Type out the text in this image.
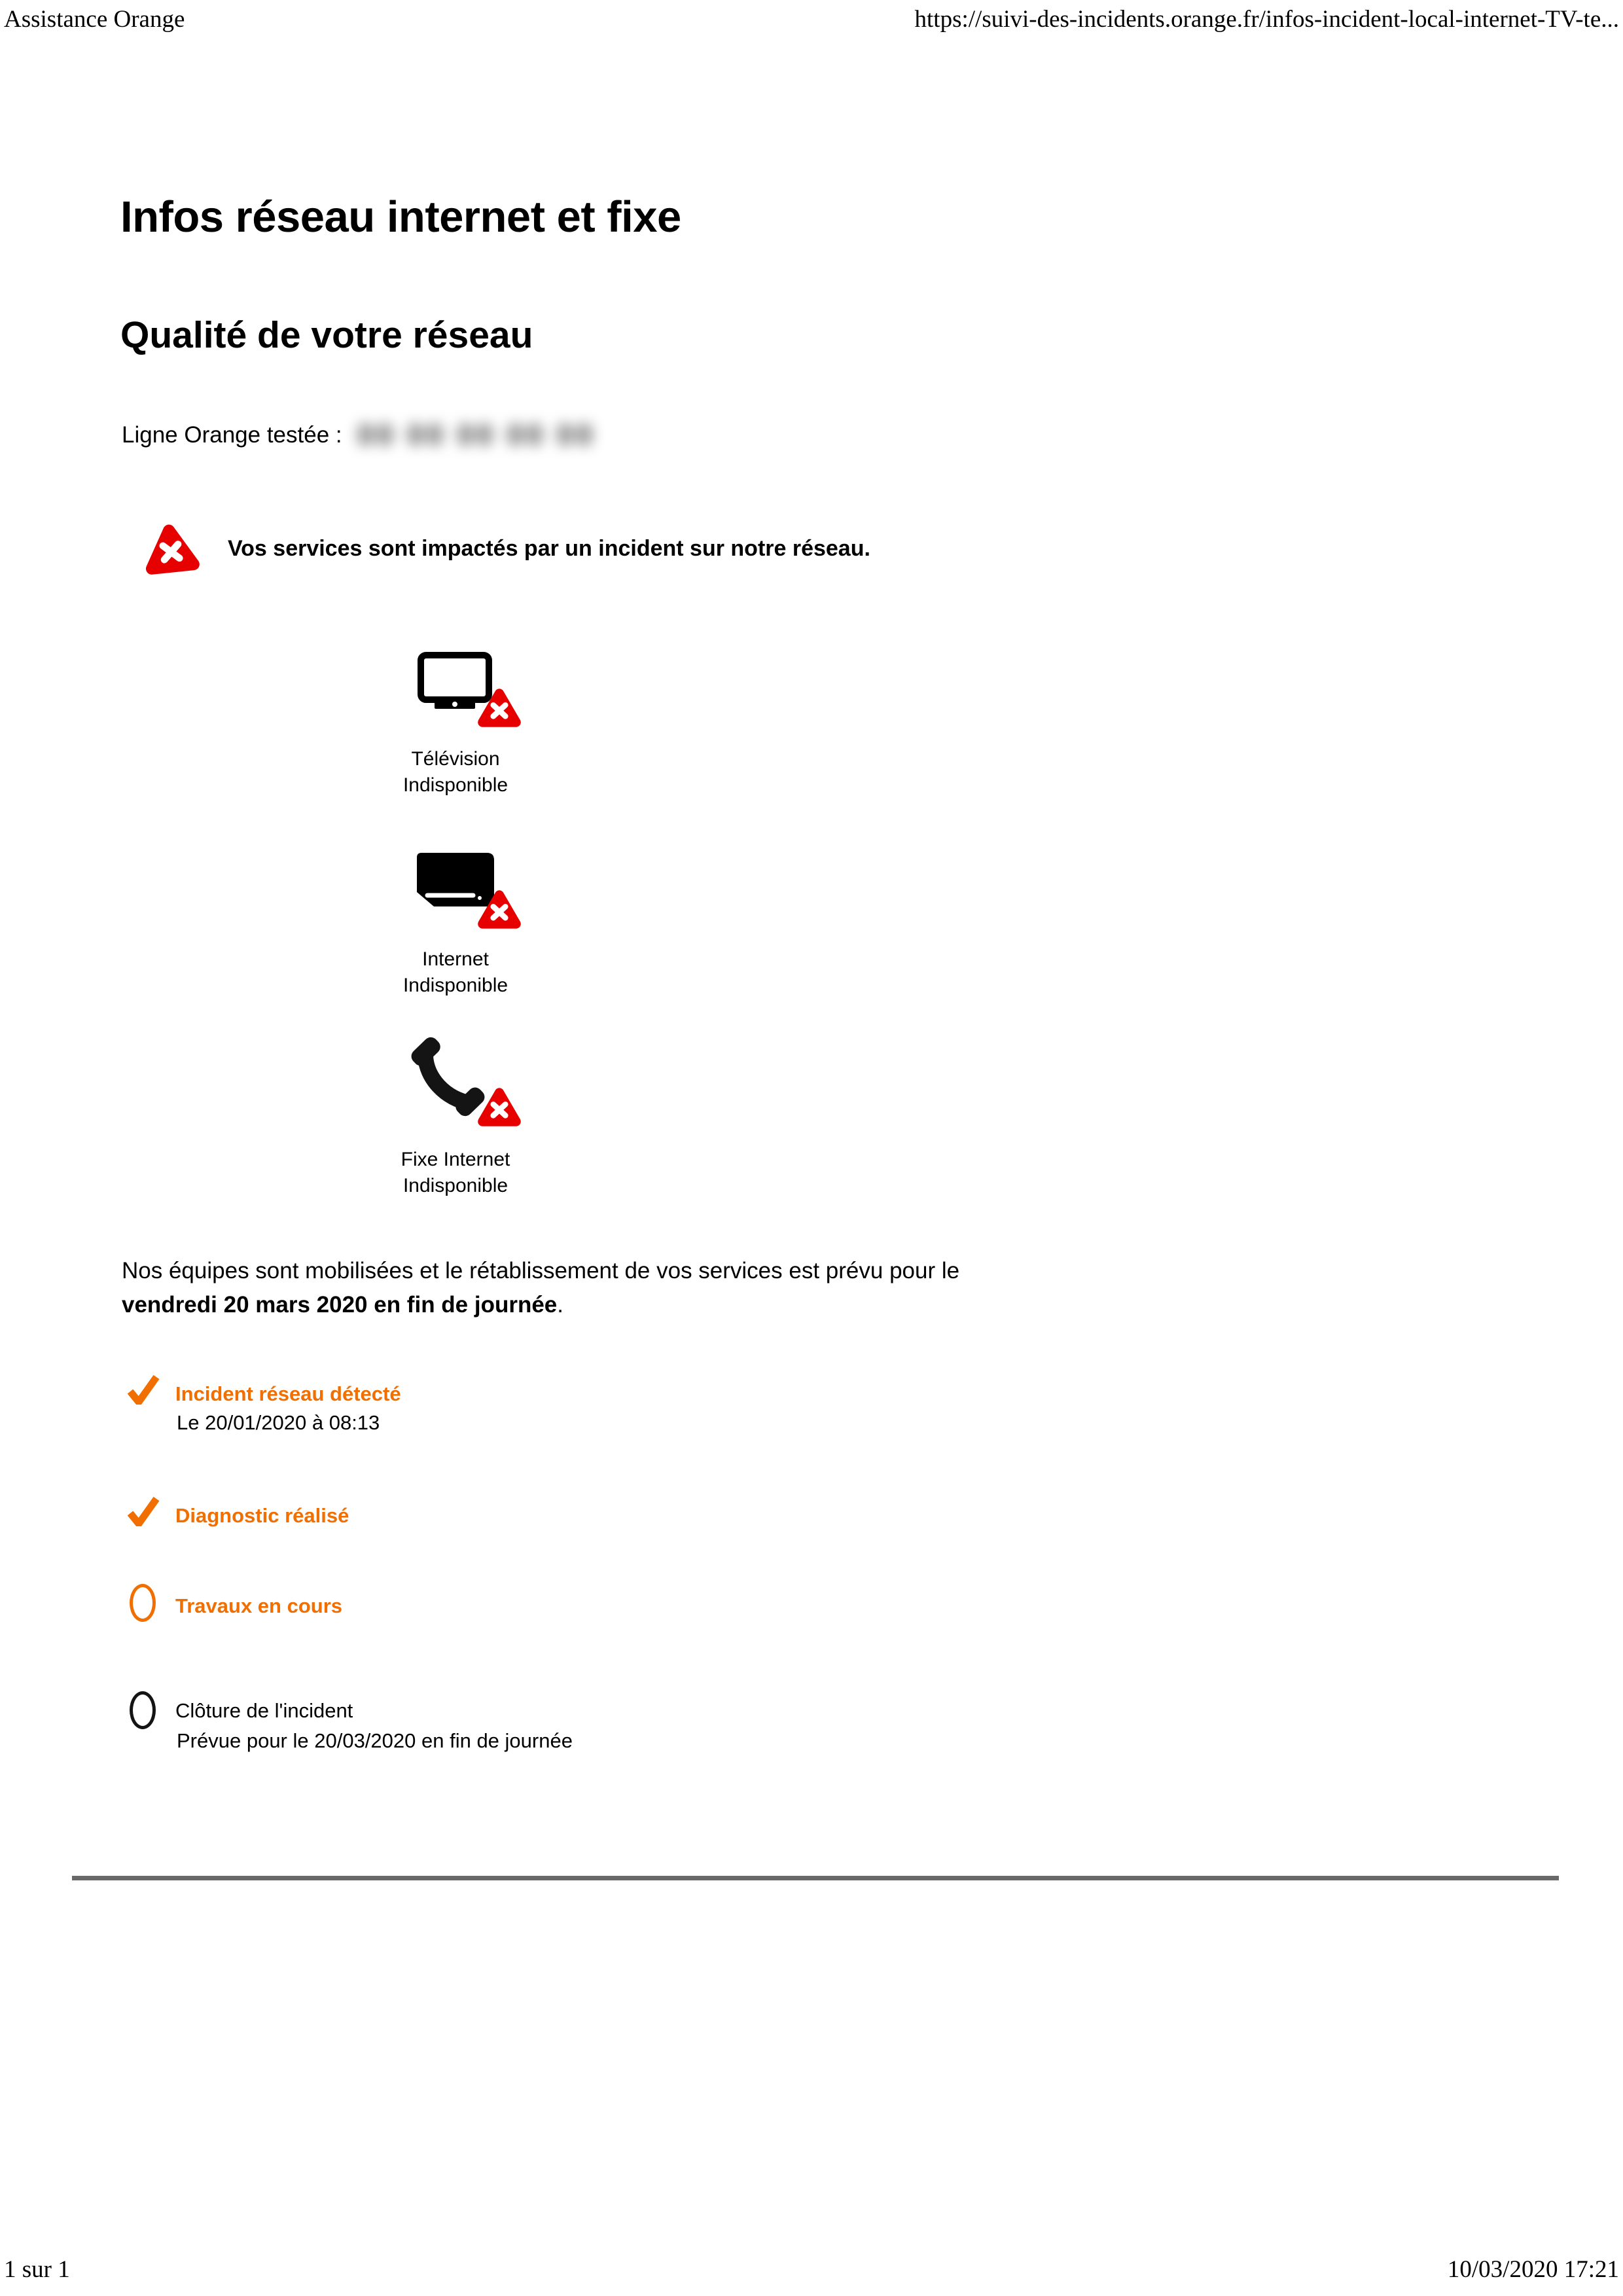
Assistance Orange	https://suivi-des-incidents.orange.fr/infos-incident-local-internet-TV-te...
Infos réseau internet et fixe
Qualité de votre réseau
Ligne Orange testée : 00 00 00 00 00
Vos services sont impactés par un incident sur notre réseau.
Télévision
Indisponible
Internet
Indisponible
Fixe Internet
Indisponible
Nos équipes sont mobilisées et le rétablissement de vos services est prévu pour le
vendredi 20 mars 2020 en fin de journée.
Incident réseau détecté
Le 20/01/2020 à 08:13
Diagnostic réalisé
Travaux en cours
Clôture de l'incident
Prévue pour le 20/03/2020 en fin de journée
1 sur 1	10/03/2020 17:21
